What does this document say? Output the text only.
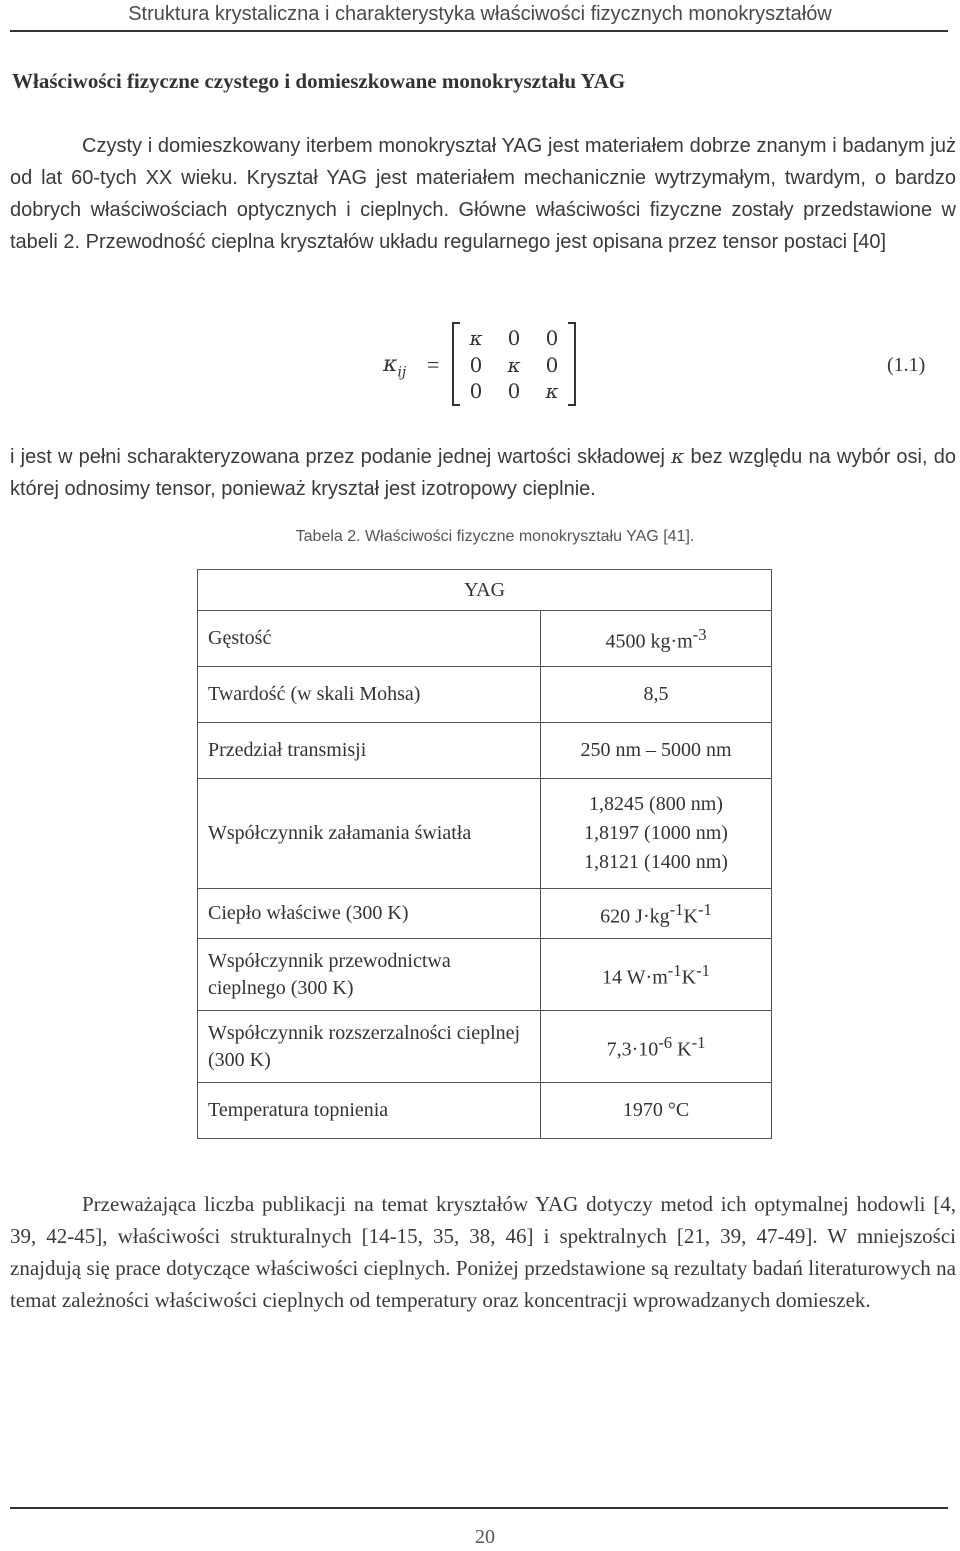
Struktura krystaliczna i charakterystyka właściwości fizycznych monokryształów
Właściwości fizyczne czystego i domieszkowane monokryształu YAG

Czysty i domieszkowany iterbem monokryształ YAG jest materiałem dobrze znanym i badanym już od lat 60-tych XX wieku. Kryształ YAG jest materiałem mechanicznie wytrzymałym, twardym, o bardzo dobrych właściwościach optycznych i cieplnych. Główne właściwości fizyczne zostały przedstawione w tabeli 2. Przewodność cieplna kryształów układu regularnego jest opisana przez tensor postaci [40]

$\kappa_{ij}$ =
κ	0	0
0	κ	0
0	0	κ
(1.1)

i jest w pełni scharakteryzowana przez podanie jednej wartości składowej κ bez względu na wybór osi, do której odnosimy tensor, ponieważ kryształ jest izotropowy cieplnie.

Tabela 2. Właściwości fizyczne monokryształu YAG [41].
YAG	
Gęstość	4500 $kg\cdot m^{-3}$
Twardość (w skali Mohsa)	8,5
Przedział transmisji	250 nm – 5000 nm
Współczynnik załamania światła	1,8245 (800 nm)
1,8197 (1000 nm)
1,8121 (1400 nm)
Ciepło właściwe (300 K)	620 $J\cdot kg^{-1}K^{-1}$
Współczynnik przewodnictwa cieplnego (300 K)	14 $W\cdot m^{-1}K^{-1}$
Współczynnik rozszerzalności cieplnej (300 K)	$7,3\cdot 10^{-6}$ $K^{-1}$
Temperatura topnienia	1970 °C

Przeważająca liczba publikacji na temat kryształów YAG dotyczy metod ich optymalnej hodowli [4, 39, 42-45], właściwości strukturalnych [14-15, 35, 38, 46] i spektralnych [21, 39, 47-49]. W mniejszości znajdują się prace dotyczące właściwości cieplnych. Poniżej przedstawione są rezultaty badań literaturowych na temat zależności właściwości cieplnych od temperatury oraz koncentracji wprowadzanych domieszek.

20
